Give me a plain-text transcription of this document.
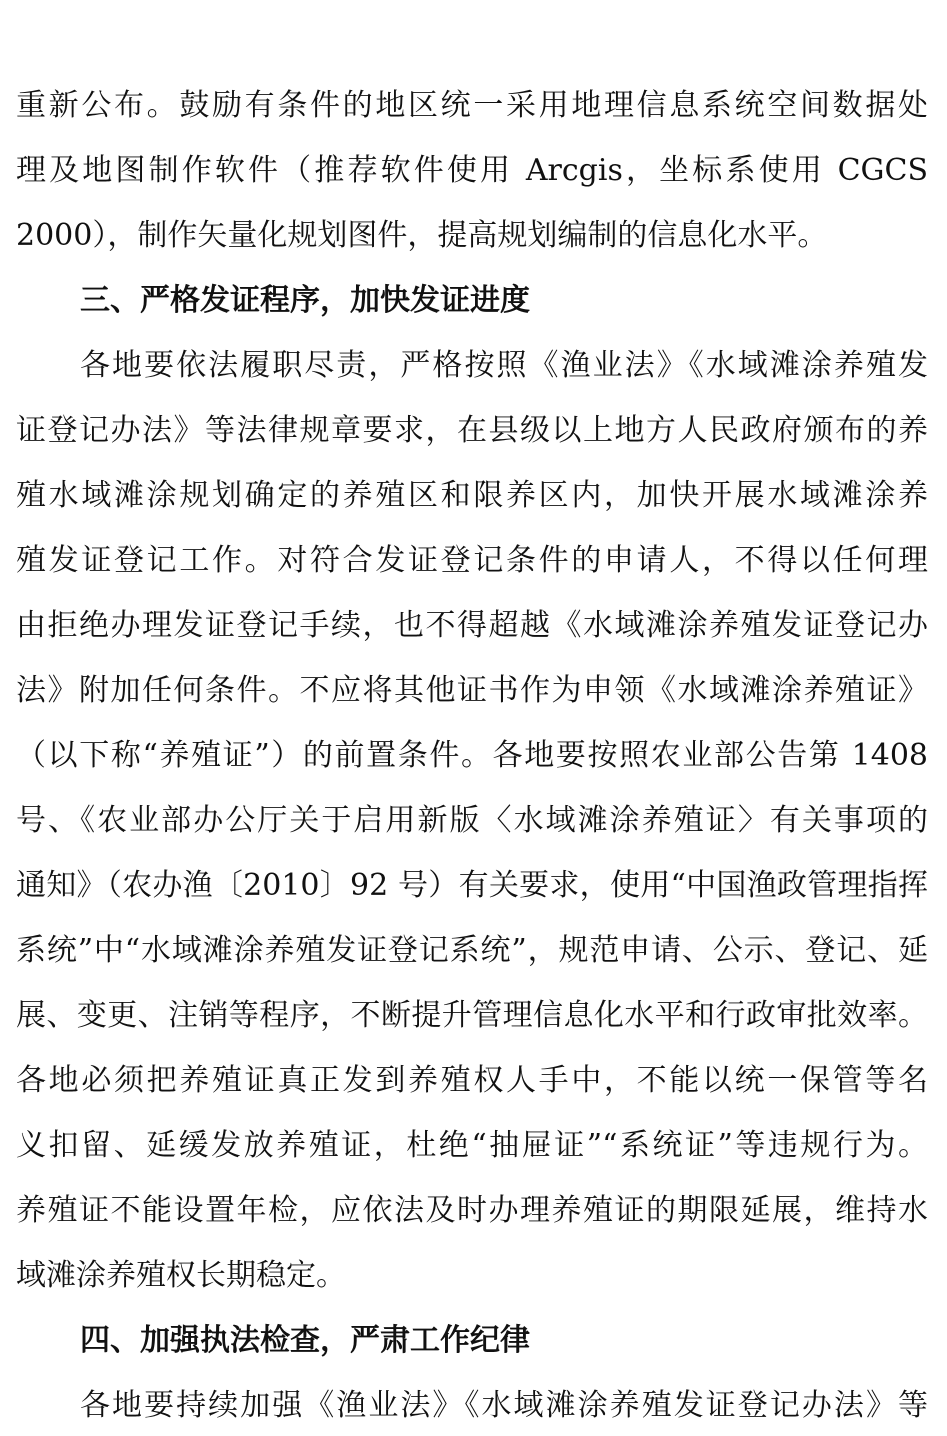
重新公布。鼓励有条件的地区统一采用地理信息系统空间数据处
理及地图制作软件（推荐软件使用 Arcgis，坐标系使用 CGCS
2000），制作矢量化规划图件，提高规划编制的信息化水平。
三、严格发证程序，加快发证进度
各地要依法履职尽责，严格按照《渔业法》《水域滩涂养殖发
证登记办法》等法律规章要求，在县级以上地方人民政府颁布的养
殖水域滩涂规划确定的养殖区和限养区内，加快开展水域滩涂养
殖发证登记工作。对符合发证登记条件的申请人，不得以任何理
由拒绝办理发证登记手续，也不得超越《水域滩涂养殖发证登记办
法》附加任何条件。不应将其他证书作为申领《水域滩涂养殖证》
（以下称“养殖证”）的前置条件。各地要按照农业部公告第 1408
号、《农业部办公厅关于启用新版〈水域滩涂养殖证〉有关事项的
通知》（农办渔〔2010〕92 号）有关要求，使用“中国渔政管理指挥
系统”中“水域滩涂养殖发证登记系统”，规范申请、公示、登记、延
展、变更、注销等程序，不断提升管理信息化水平和行政审批效率。
各地必须把养殖证真正发到养殖权人手中，不能以统一保管等名
义扣留、延缓发放养殖证，杜绝“抽屉证”“系统证”等违规行为。
养殖证不能设置年检，应依法及时办理养殖证的期限延展，维持水
域滩涂养殖权长期稳定。
四、加强执法检查，严肃工作纪律
各地要持续加强《渔业法》《水域滩涂养殖发证登记办法》等
